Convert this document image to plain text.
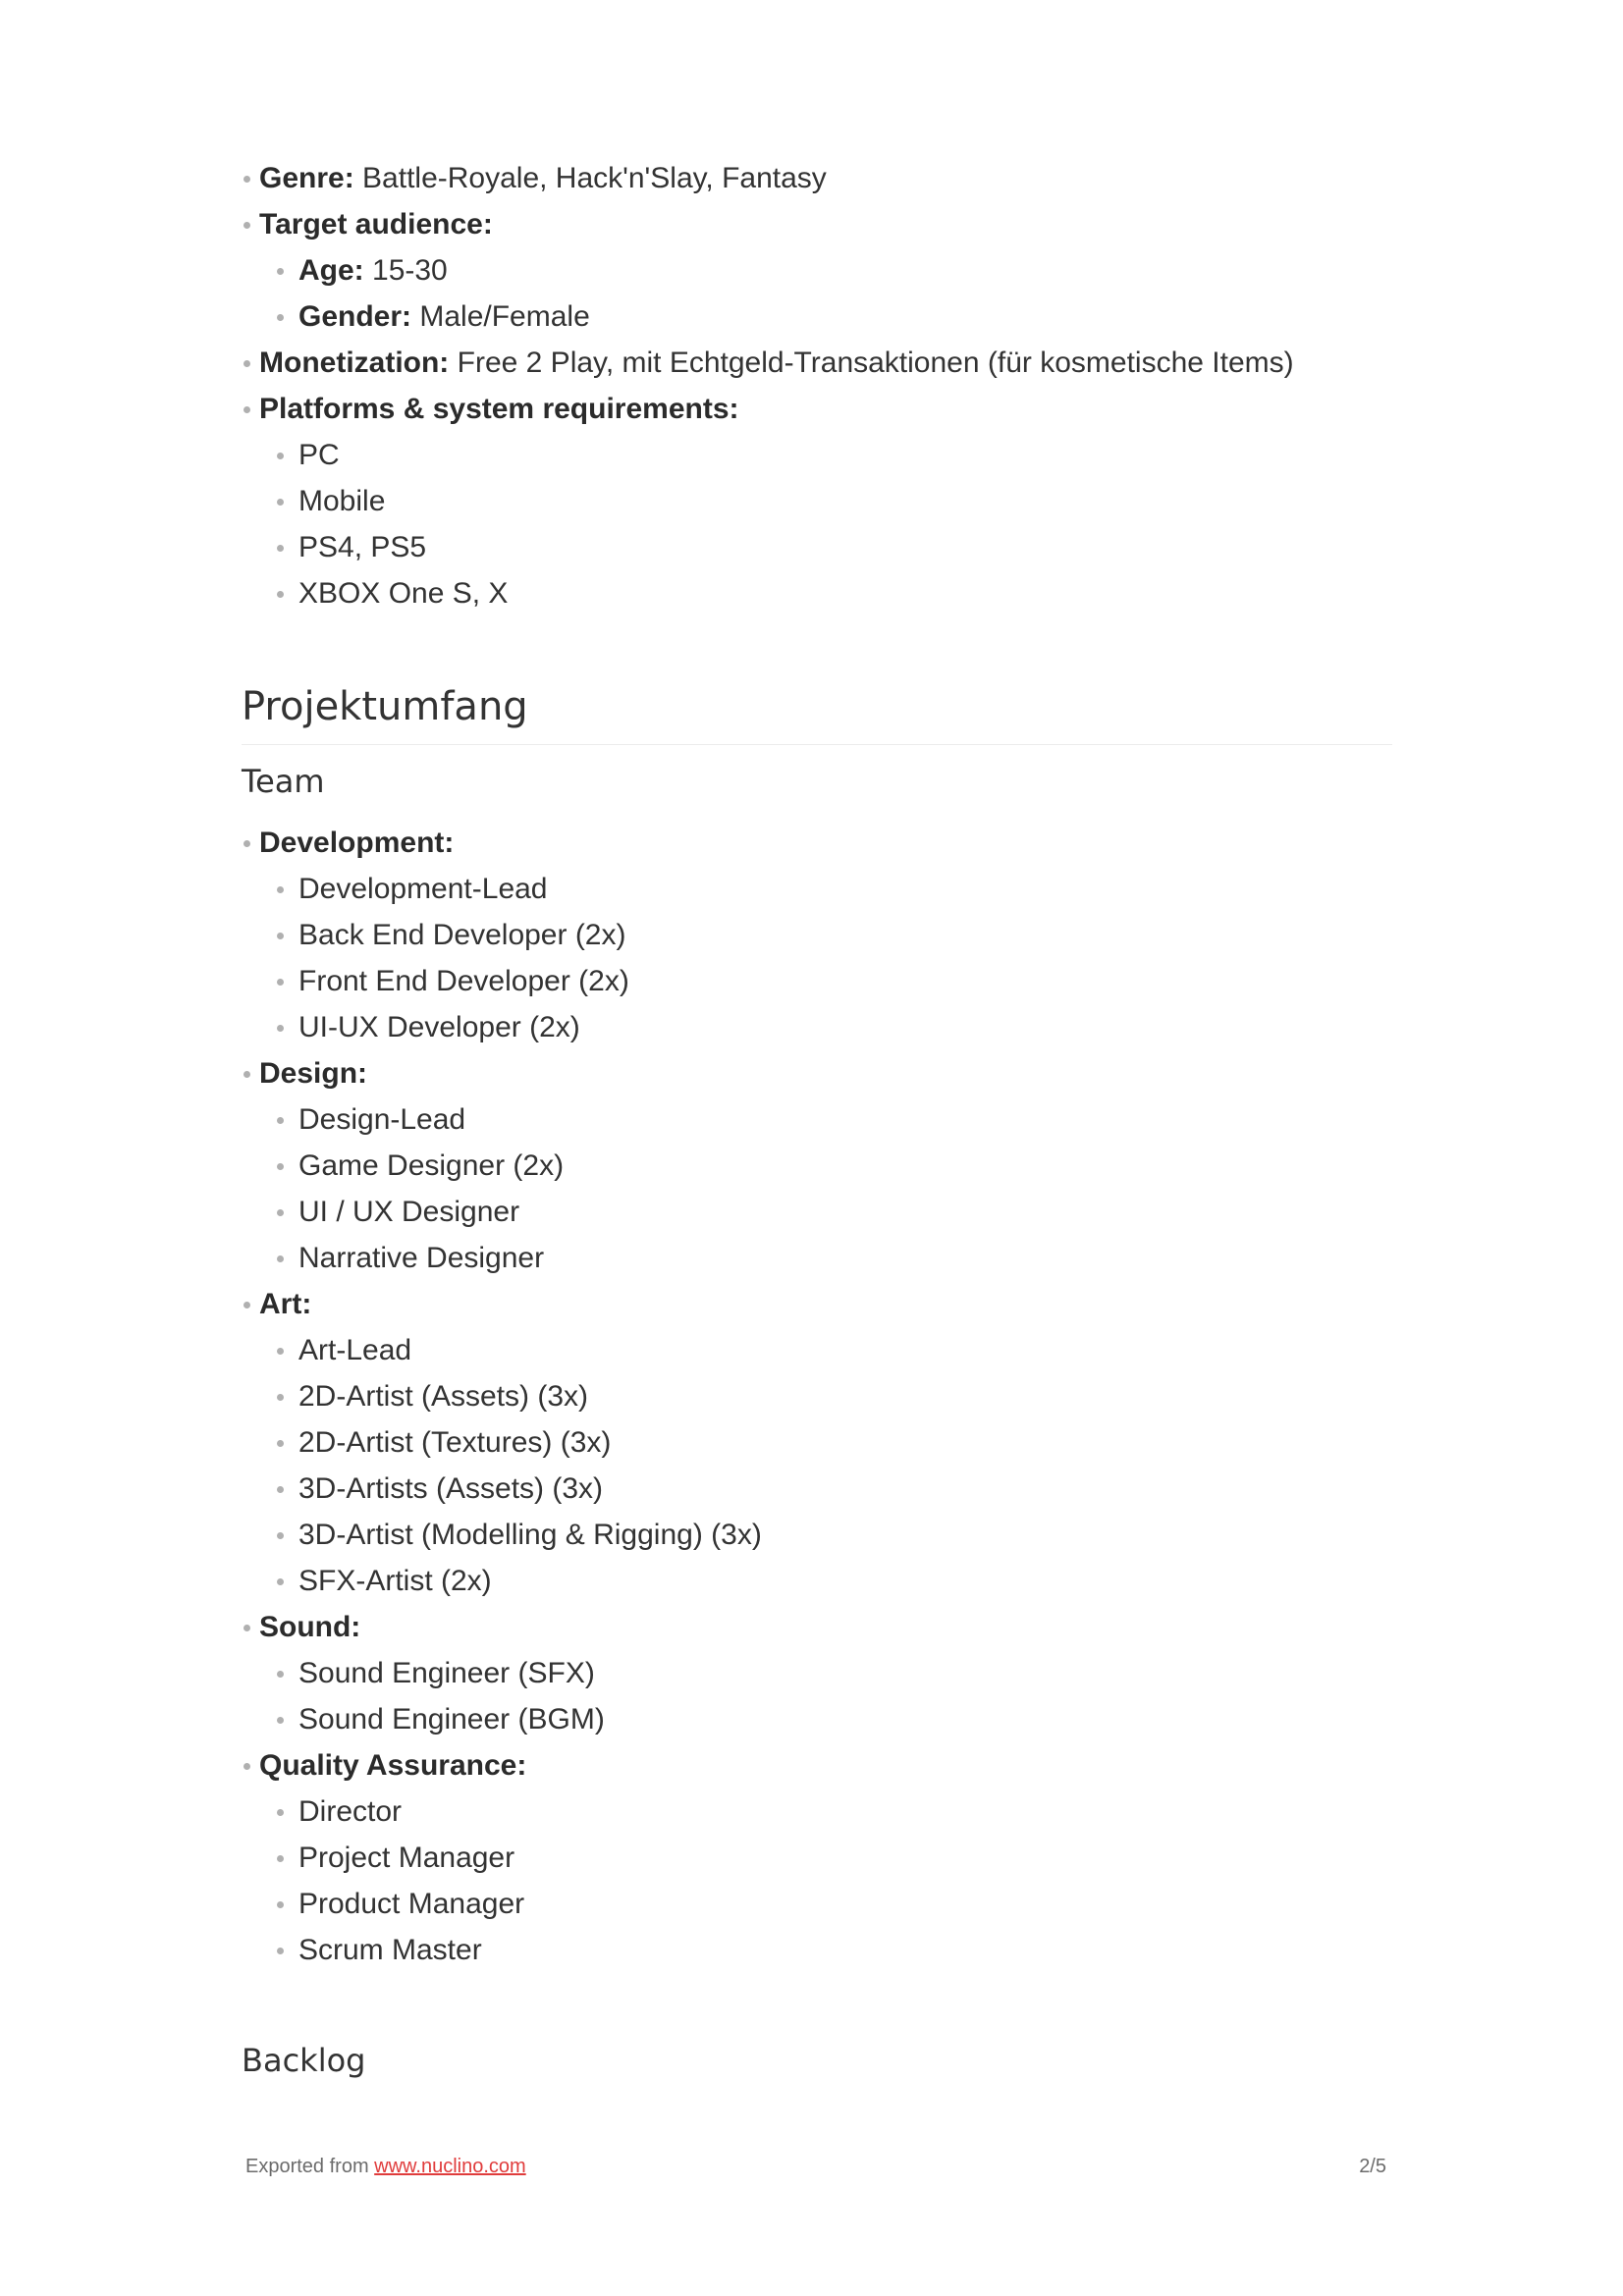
Genre: Battle-Royale, Hack'n'Slay, Fantasy
Target audience:
Age: 15-30
Gender: Male/Female
Monetization: Free 2 Play, mit Echtgeld-Transaktionen (für kosmetische Items)
Platforms & system requirements:
PC
Mobile
PS4, PS5
XBOX One S, X
Projektumfang
Team
Development:
Development-Lead
Back End Developer (2x)
Front End Developer (2x)
UI-UX Developer (2x)
Design:
Design-Lead
Game Designer (2x)
UI / UX Designer
Narrative Designer
Art:
Art-Lead
2D-Artist (Assets) (3x)
2D-Artist (Textures) (3x)
3D-Artists (Assets) (3x)
3D-Artist (Modelling & Rigging) (3x)
SFX-Artist (2x)
Sound:
Sound Engineer (SFX)
Sound Engineer (BGM)
Quality Assurance:
Director
Project Manager
Product Manager
Scrum Master
Backlog
Exported from www.nuclino.com	2/5
